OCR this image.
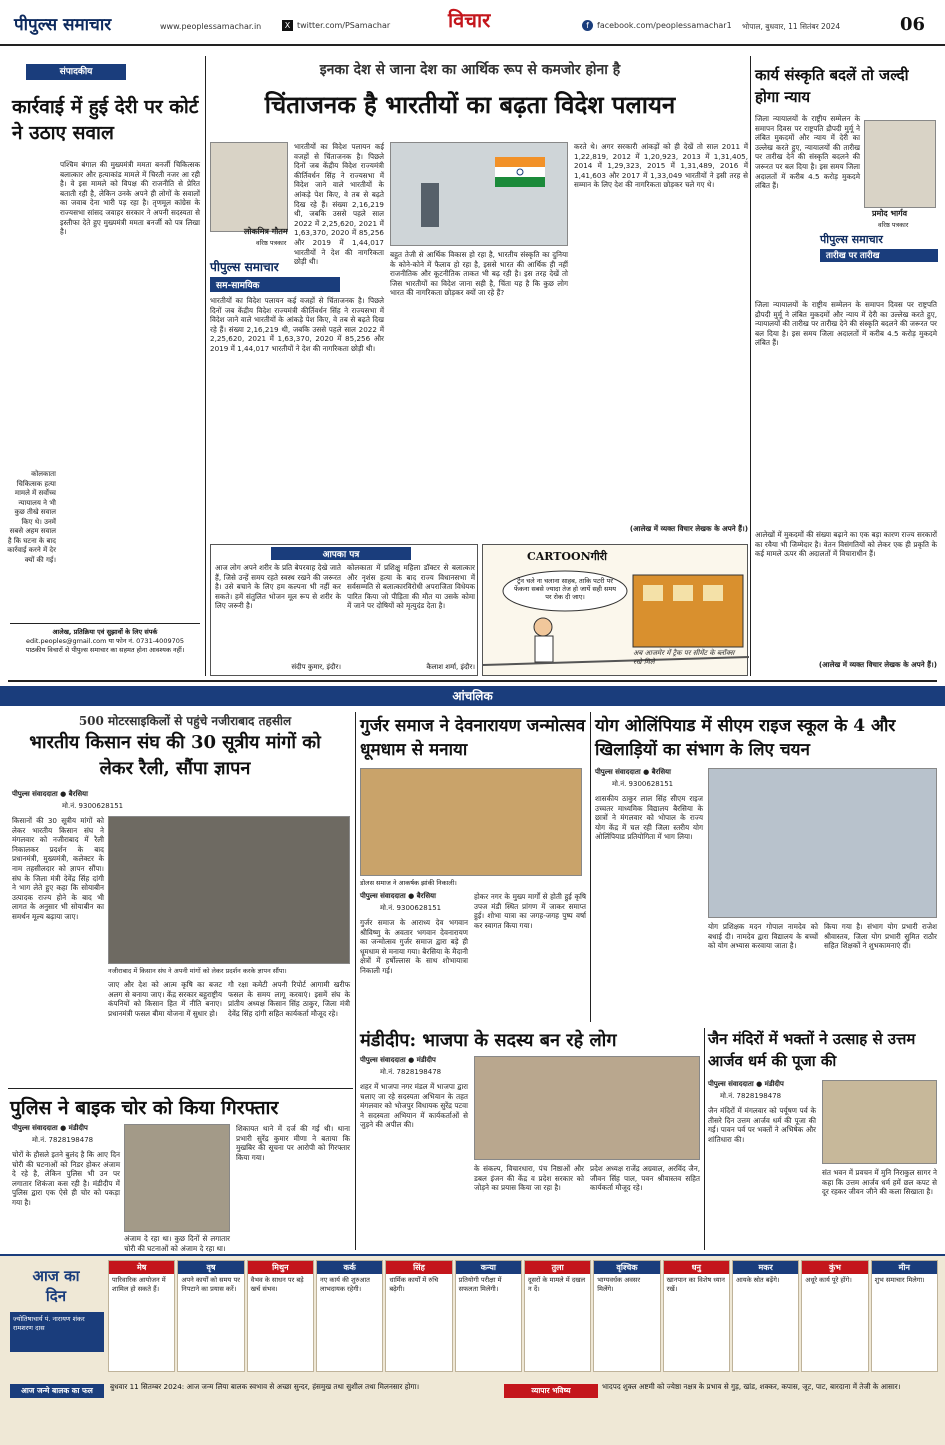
पीपुल्स समाचार	www.peoplessamachar.in	X twitter.com/PSamachar	विचार	f	facebook.com/peoplessamachar1 भोपाल, बुधवार, 11 सितंबर 2024	06
संपादकीय
कार्रवाई में हुई देरी पर कोर्ट ने उठाए सवाल
पश्चिम बंगाल की मुख्यमंत्री ममता बनर्जी चिकित्सक बलात्कार और हत्याकांड मामले में चिरती नजर आ रही है। वे इस मामले को विपक्ष की राजनीति से प्रेरित बताती रही है, लेकिन उनके अपने ही लोगों के सवालों का जवाब देना भारी पड़ रहा है। तृणमूल कांग्रेस के राज्यसभा सांसद जवाहर सरकार ने अपनी सदस्यता से इस्तीफा देते हुए मुख्यमंत्री ममता बनर्जी को पत्र लिखा है।
कोलकाता चिकित्सक हत्या मामले में सर्वोच्च न्यायालय ने भी कुछ तीखे सवाल किए थे। उनमें सबसे अहम सवाल है कि घटना के बाद कार्रवाई करने में देर क्यों की गई।
आलेख, प्रतिक्रिया एवं सुझावों के लिए संपर्क
edit.peoples@gmail.com या फोन नं. 0731-4009705
पाठकीय विचारों से पीपुल्स समाचार का सहमत होना आवश्यक नहीं।
इनका देश से जाना देश का आर्थिक रूप से कमजोर होना है
चिंताजनक है भारतीयों का बढ़ता विदेश पलायन
लोकमित्र गौतम
वरिष्ठ पत्रकार
भारतीयों का विदेश पलायन कई वजहों से चिंताजनक है। पिछले दिनों जब केंद्रीय विदेश राज्यमंत्री कीर्तिवर्धन सिंह ने राज्यसभा में विदेश जाने वाले भारतीयों के आंकड़े पेश किए, वे तब से बढ़ते दिख रहे हैं। संख्या 2,16,219 थी, जबकि उससे पहले साल 2022 में 2,25,620, 2021 में 1,63,370, 2020 में 85,256 और 2019 में 1,44,017 भारतीयों ने देश की नागरिकता छोड़ी थी।
पीपुल्स समाचार
सम-सामयिक
भारतीयों का विदेश पलायन कई वजहों से चिंताजनक है। पिछले दिनों जब केंद्रीय विदेश राज्यमंत्री कीर्तिवर्धन सिंह ने राज्यसभा में विदेश जाने वाले भारतीयों के आंकड़े पेश किए, वे तब से बढ़ते दिख रहे हैं। संख्या 2,16,219 थी, जबकि उससे पहले साल 2022 में 2,25,620, 2021 में 1,63,370, 2020 में 85,256 और 2019 में 1,44,017 भारतीयों ने देश की नागरिकता छोड़ी थी।
बहुत तेजी से आर्थिक विकास हो रहा है, भारतीय संस्कृति का दुनिया के कोने-कोने में फैलाव हो रहा है, इससे भारत की आर्थिक ही नहीं राजनीतिक और कूटनीतिक ताकत भी बढ़ रही है। इस तरह देखें तो जिस भारतीयों का विदेश जाना सही है, चिंता यह है कि कुछ लोग भारत की नागरिकता छोड़कर क्यों जा रहे हैं?
करते थे। अगर सरकारी आंकड़ों को ही देखें तो साल 2011 में 1,22,819, 2012 में 1,20,923, 2013 में 1,31,405, 2014 में 1,29,323, 2015 में 1,31,489, 2016 में 1,41,603 और 2017 में 1,33,049 भारतीयों ने इसी तरह से सम्मान के लिए देश की नागरिकता छोड़कर चले गए थे।
(आलेख में व्यक्त विचार लेखक के अपने हैं।)
आपका पत्र
आज लोग अपने शरीर के प्रति बेपरवाह देखे जाते हैं, जिसे उन्हें समय रहते स्वस्थ रखने की जरूरत है। उसे बचाने के लिए हम कल्पना भी नहीं कर सकते। हमें संतुलित भोजन मूल रूप से शरीर के लिए जरूरी है।
संदीप कुमार, इंदौर।
कोलकाता में प्रशिक्षु महिला डॉक्टर से बलात्कार और नृशंस हत्या के बाद राज्य विधानसभा में सर्वसम्मति से बलात्कारविरोधी अपराजिता विधेयक पारित किया जो पीड़िता की मौत या उसके कोमा में जाने पर दोषियों को मृत्युदंड देता है।
कैलाश शर्मा, इंदौर।
CARTOONगीरी
ट्रेन चले ना चलाना साहब, ताकि पटरी पर फेंकना सबसे ज्यादा तेज हो जायें सही समय पर रोक दी जाए।
अब आजमेर में ट्रैक पर सीमेंट के ब्लॉक्स रखे मिले
कार्य संस्कृति बदलें तो जल्दी होगा न्याय
जिला न्यायालयों के राष्ट्रीय सम्मेलन के समापन दिवस पर राष्ट्रपति द्रौपदी मुर्मू ने लंबित मुकदमों और न्याय में देरी का उल्लेख करते हुए, न्यायालयों की तारीख पर तारीख देने की संस्कृति बदलने की जरूरत पर बल दिया है। इस समय जिला अदालतों में करीब 4.5 करोड़ मुकदमे लंबित हैं।
प्रमोद भार्गव
वरिष्ठ पत्रकार
पीपुल्स समाचार
तारीख पर तारीख
जिला न्यायालयों के राष्ट्रीय सम्मेलन के समापन दिवस पर राष्ट्रपति द्रौपदी मुर्मू ने लंबित मुकदमों और न्याय में देरी का उल्लेख करते हुए, न्यायालयों की तारीख पर तारीख देने की संस्कृति बदलने की जरूरत पर बल दिया है। इस समय जिला अदालतों में करीब 4.5 करोड़ मुकदमे लंबित हैं।
आलेखों में मुकदमों की संख्या बढ़ाने का एक बड़ा कारण राज्य सरकारों का रवैया भी जिम्मेदार है। वेतन विसंगतियों को लेकर एक ही प्रकृति के कई मामले ऊपर की अदालतों में विचाराधीन हैं।
(आलेख में व्यक्त विचार लेखक के अपने हैं।)
आंचलिक
500 मोटरसाइकिलों से पहुंचे नजीराबाद तहसील
भारतीय किसान संघ की 30 सूत्रीय मांगों को लेकर रैली, सौंपा ज्ञापन
पीपुल्स संवाददाता ● बैरसिया
मो.नं. 9300628151
किसानों की 30 सूत्रीय मांगों को लेकर भारतीय किसान संघ ने मंगलवार को नजीराबाद में रैली निकालकर प्रदर्शन के बाद प्रधानमंत्री, मुख्यमंत्री, कलेक्टर के नाम तहसीलदार को ज्ञापन सौंपा। संघ के जिला मंत्री देवेंद्र सिंह दांगी ने भाग लेते हुए कहा कि सोयाबीन उत्पादक राज्य होने के बाद भी लागत के अनुसार भी सोयाबीन का समर्थन मूल्य बढ़ाया जाए।
नजीराबाद में किसान संघ ने अपनी मांगों को लेकर प्रदर्शन करके ज्ञापन सौंपा।
जाए और देश को आत्म कृषि का बजट अलग से बनाया जाए। केंद्र सरकार बहुराष्ट्रीय कंपनियों को किसान हित में नीति बनाए। प्रधानमंत्री फसल बीमा योजना में सुधार हो।
गौ रक्षा कमेटी अपनी रिपोर्ट आगामी खरीफ फसल के समय लागू करवाएं। इसमें संघ के प्रांतीय अध्यक्ष किसान सिंह ठाकुर, जिला मंत्री देवेंद्र सिंह दांगी सहित कार्यकर्ता मौजूद रहे।
गुर्जर समाज ने देवनारायण जन्मोत्सव धूमधाम से मनाया
डोलस समाज ने आकर्षक झांकी निकाली।
पीपुल्स संवाददाता ● बैरसिया
मो.नं. 9300628151
गुर्जर समाज के आराध्य देव भगवान श्रीविष्णु के अवतार भगवान देवनारायण का जन्मोत्सव गुर्जर समाज द्वारा बड़े ही धूमधाम से मनाया गया। बैरसिया के मैदानी क्षेत्रों में हर्षोल्लास के साथ शोभायात्रा निकाली गई।
होकर नगर के मुख्य मार्गों से होती हुई कृषि उपज मंडी स्थित प्रांगण में जाकर समाप्त हुई। शोभा यात्रा का जगह-जगह पुष्प वर्षा कर स्वागत किया गया।
मंडीदीप: भाजपा के सदस्य बन रहे लोग
पीपुल्स संवाददाता ● मंडीदीप
मो.नं. 7828198478
शहर में भाजपा नगर मंडल में भाजपा द्वारा चलाए जा रहे सदस्यता अभियान के तहत मंगलवार को भोजपुर विधायक सुरेंद्र पटवा ने सदस्यता अभियान में कार्यकर्ताओं से जुड़ने की अपील की।
के संकल्प, विचारधारा, पंच निष्ठाओं और डबल इंजन की केंद्र व प्रदेश सरकार को जोड़ने का प्रयास किया जा रहा है।
प्रदेश अध्यक्ष राजेंद्र अग्रवाल, अरविंद जैन, जीवन सिंह पाल, पवन श्रीवास्तव सहित कार्यकर्ता मौजूद रहे।
योग ओलिंपियाड में सीएम राइज स्कूल के 4 और खिलाड़ियों का संभाग के लिए चयन
पीपुल्स संवाददाता ● बैरसिया
मो.नं. 9300628151
शासकीय ठाकुर लाल सिंह सीएम राइज उच्चतर माध्यमिक विद्यालय बैरसिया के छात्रों ने मंगलवार को भोपाल के राज्य योग केंद्र में चल रही जिला स्तरीय योग ओलिंपियाड प्रतियोगिता में भाग लिया।
योग प्रशिक्षक मदन गोपाल नामदेव को बधाई दी। नामदेव द्वारा विद्यालय के बच्चों को योग अभ्यास करवाया जाता है।
किया गया है। संभाग योग प्रभारी राजेश श्रीवास्तव, जिला योग प्रभारी सुमित राठौर सहित शिक्षकों ने शुभकामनाएं दीं।
पुलिस ने बाइक चोर को किया गिरफ्तार
पीपुल्स संवाददाता ● मंडीदीप
मो.नं. 7828198478
चोरों के हौसले इतने बुलंद है कि आए दिन चोरी की घटनाओं को निडर होकर अंजाम दे रहे है, लेकिन पुलिस भी उन पर लगातार शिकंजा कस रही है। मंडीदीप में पुलिस द्वारा एक ऐसे ही चोर को पकड़ा गया है।
अंजाम दे रहा था। कुछ दिनों से लगातार चोरी की घटनाओं को अंजाम दे रहा था।
शिकायत थाने में दर्ज की गई थी। थाना प्रभारी सुरेंद्र कुमार मीणा ने बताया कि मुखबिर की सूचना पर आरोपी को गिरफ्तार किया गया।
जैन मंदिरों में भक्तों ने उत्साह से उत्तम आर्जव धर्म की पूजा की
पीपुल्स संवाददाता ● मंडीदीप
मो.नं. 7828198478
जैन मंदिरों में मंगलवार को पर्यूषण पर्व के तीसरे दिन उत्तम आर्जव धर्म की पूजा की गई। पावन पर्व पर भक्तों ने अभिषेक और शांतिधारा की।
संत भवन में प्रवचन में मुनि निराकुल सागर ने कहा कि उत्तम आर्जव धर्म हमें छल कपट से दूर रहकर जीवन जीने की कला सिखाता है।
आज का
दिन
ज्योतिषाचार्य पं. नारायण शंकर रामशरण दास
मेष
पारिवारिक आयोजन में शामिल हो सकते हैं।
वृष
अपने कार्यों को समय पर निपटाने का प्रयास करें।
मिथुन
वैभव के साधन पर बड़े खर्च संभव।
कर्क
नए कार्य की शुरुआत लाभदायक रहेगी।
सिंह
धार्मिक कार्यों में रुचि बढ़ेगी।
कन्या
प्रतियोगी परीक्षा में सफलता मिलेगी।
तुला
दूसरों के मामले में दखल न दें।
वृश्चिक
भाग्यवर्धक अवसर मिलेंगे।
धनु
खानपान का विशेष ध्यान रखें।
मकर
आयके स्रोत बढ़ेंगे।
कुंभ
अधूरे कार्य पूरे होंगे।
मीन
शुभ समाचार मिलेगा।
आज जन्मे बालक का फल	बुधवार 11 सितम्बर 2024: आज जन्म लिया बालक स्वभाव से अच्छा सुन्दर, हंसमुख तथा सुशील तथा मिलनसार होगा।	व्यापार भविष्य	भादपद शुक्ल अष्टमी को ज्येष्ठा नक्षत्र के प्रभाव से गुड़, खांड, शक्कर, कपास, जूट, पाट, बारदाना में तेजी के आसार।
